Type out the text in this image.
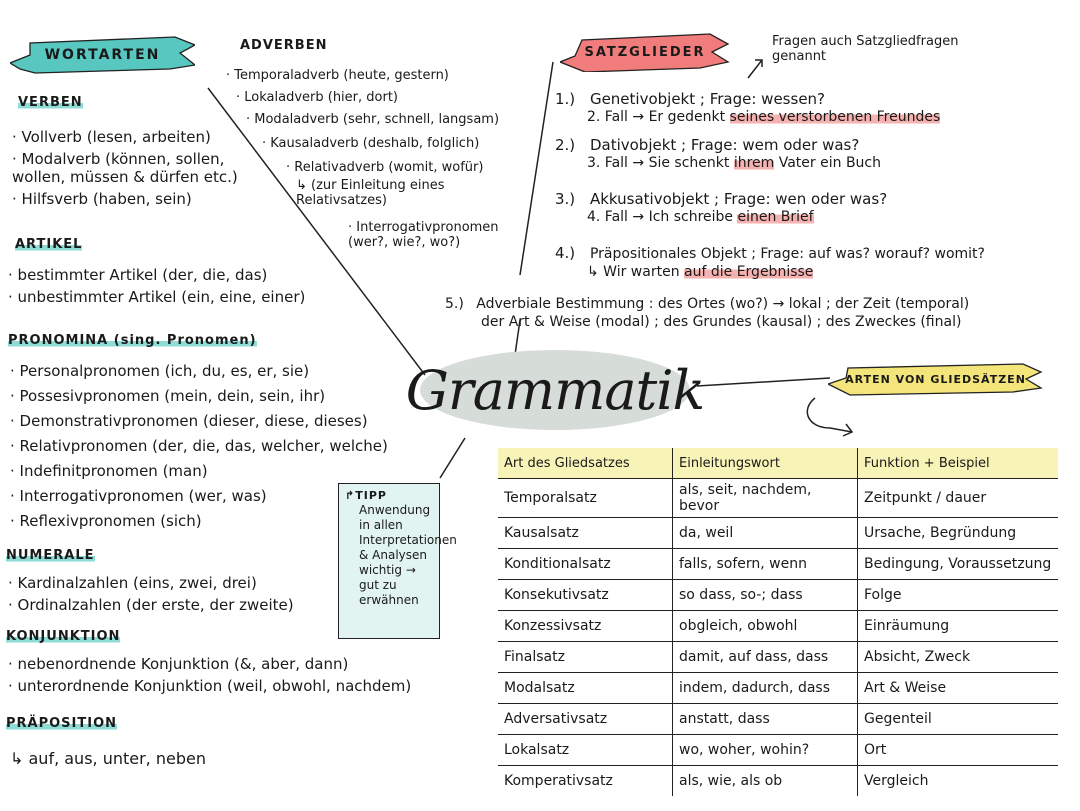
WORTARTEN	SATZGLIEDER
ARTEN VON GLIEDSÄTZEN
Grammatik
VERBEN
· Vollverb (lesen, arbeiten)
· Modalverb (können, sollen, wollen, müssen & dürfen etc.)
· Hilfsverb (haben, sein)
ARTIKEL
· bestimmter Artikel (der, die, das)
· unbestimmter Artikel (ein, eine, einer)
PRONOMINA (sing. Pronomen)
· Personalpronomen (ich, du, es, er, sie)
· Possesivpronomen (mein, dein, sein, ihr)
· Demonstrativpronomen (dieser, diese, dieses)
· Relativpronomen (der, die, das, welcher, welche)
· Indefinitpronomen (man)
· Interrogativpronomen (wer, was)
· Reflexivpronomen (sich)
NUMERALE
· Kardinalzahlen (eins, zwei, drei)
· Ordinalzahlen (der erste, der zweite)
KONJUNKTION
· nebenordnende Konjunktion (&, aber, dann)
· unterordnende Konjunktion (weil, obwohl, nachdem)
PRÄPOSITION
↳ auf, aus, unter, neben
ADVERBEN
· Temporaladverb (heute, gestern)
· Lokaladverb (hier, dort)
· Modaladverb (sehr, schnell, langsam)
· Kausaladverb (deshalb, folglich)
· Relativadverb (womit, wofür)
↳ (zur Einleitung eines Relativsatzes)
· Interrogativpronomen (wer?, wie?, wo?)
↱TIPP
Anwendung in allen Interpretationen & Analysen wichtig → gut zu erwähnen
Fragen auch Satzgliedfragen genannt
1.) Genetivobjekt ; Frage: wessen?
2. Fall → Er gedenkt seines verstorbenen Freundes
2.) Dativobjekt ; Frage: wem oder was?
3. Fall → Sie schenkt ihrem Vater ein Buch
3.) Akkusativobjekt ; Frage: wen oder was?
4. Fall → Ich schreibe einen Brief
4.) Präpositionales Objekt ; Frage: auf was? worauf? womit?
↳ Wir warten auf die Ergebnisse
5.) Adverbiale Bestimmung : des Ortes (wo?) → lokal ; der Zeit (temporal)
der Art & Weise (modal) ; des Grundes (kausal) ; des Zweckes (final)
Art des Gliedsatzes	Einleitungswort	Funktion + Beispiel
Temporalsatz	als, seit, nachdem, bevor	Zeitpunkt / dauer
Kausalsatz	da, weil	Ursache, Begründung
Konditionalsatz	falls, sofern, wenn	Bedingung, Voraussetzung
Konsekutivsatz	so dass, so-; dass	Folge
Konzessivsatz	obgleich, obwohl	Einräumung
Finalsatz	damit, auf dass, dass	Absicht, Zweck
Modalsatz	indem, dadurch, dass	Art & Weise
Adversativsatz	anstatt, dass	Gegenteil
Lokalsatz	wo, woher, wohin?	Ort
Komperativsatz	als, wie, als ob	Vergleich
